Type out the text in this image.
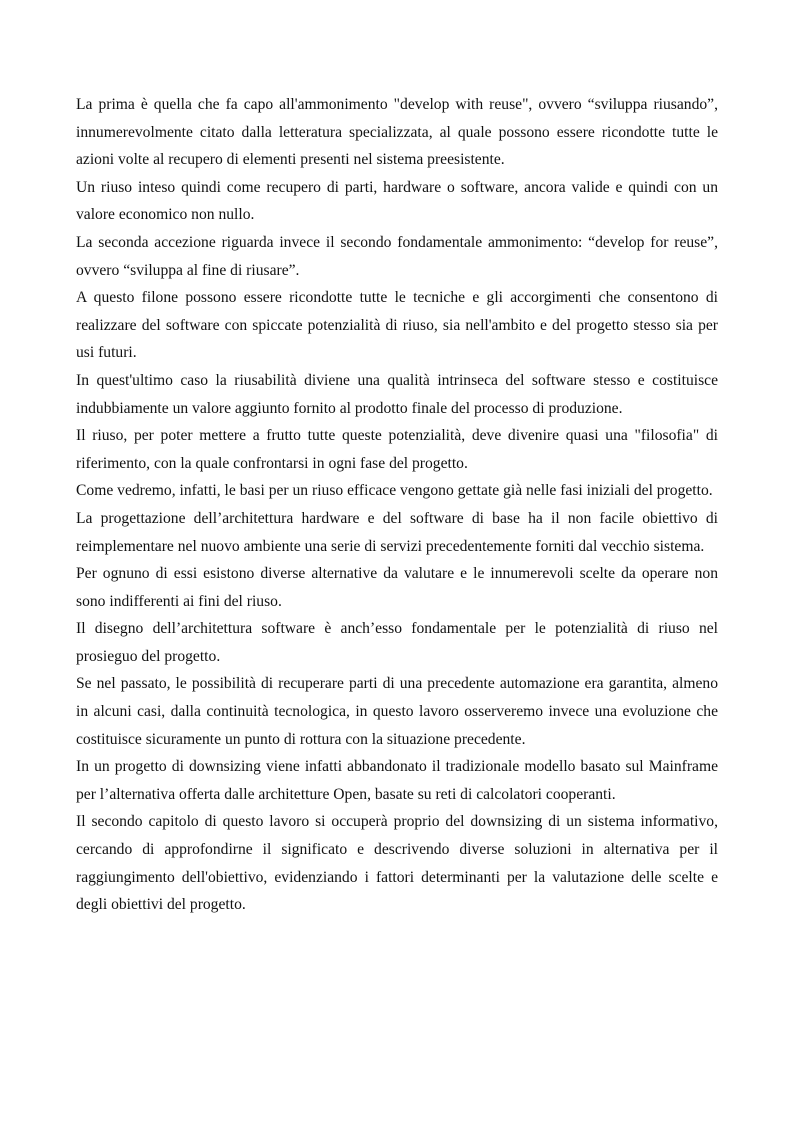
La prima è quella che fa capo all'ammonimento "develop with reuse", ovvero “sviluppa riusando”, innumerevolmente citato dalla letteratura specializzata, al quale possono essere ricondotte tutte le azioni volte al recupero di elementi presenti nel sistema preesistente.

Un riuso inteso quindi come recupero di parti, hardware o software, ancora valide e quindi con un valore economico non nullo.

La seconda accezione riguarda invece il secondo fondamentale ammonimento: “develop for reuse”, ovvero “sviluppa al fine di riusare”.

A questo filone possono essere ricondotte tutte le tecniche e gli accorgimenti che consentono di realizzare del software con spiccate potenzialità di riuso, sia nell'ambito e del progetto stesso sia per usi futuri.

In quest'ultimo caso la riusabilità diviene una qualità intrinseca del software stesso e costituisce indubbiamente un valore aggiunto fornito al prodotto finale del processo di produzione.

Il riuso, per poter mettere a frutto tutte queste potenzialità, deve divenire quasi una "filosofia" di riferimento, con la quale confrontarsi in ogni fase del progetto.

Come vedremo, infatti, le basi per un riuso efficace vengono gettate già nelle fasi iniziali del progetto.

La progettazione dell’architettura hardware e del software di base ha il non facile obiettivo di reimplementare nel nuovo ambiente una serie di servizi precedentemente forniti dal vecchio sistema.

Per ognuno di essi esistono diverse alternative da valutare e le innumerevoli scelte da operare non sono indifferenti ai fini del riuso.

Il disegno dell’architettura software è anch’esso fondamentale per le potenzialità di riuso nel prosieguo del progetto.

Se nel passato, le possibilità di recuperare parti di una precedente automazione era garantita, almeno in alcuni casi, dalla continuità tecnologica, in questo lavoro osserveremo invece una evoluzione che costituisce sicuramente un punto di rottura con la situazione precedente.

In un progetto di downsizing viene infatti abbandonato il tradizionale modello basato sul Mainframe per l’alternativa offerta dalle architetture Open, basate su reti di calcolatori cooperanti.

Il secondo capitolo di questo lavoro si occuperà proprio del downsizing di un sistema informativo, cercando di approfondirne il significato e descrivendo diverse soluzioni in alternativa per il raggiungimento dell'obiettivo, evidenziando i fattori determinanti per la valutazione delle scelte e degli obiettivi del progetto.
